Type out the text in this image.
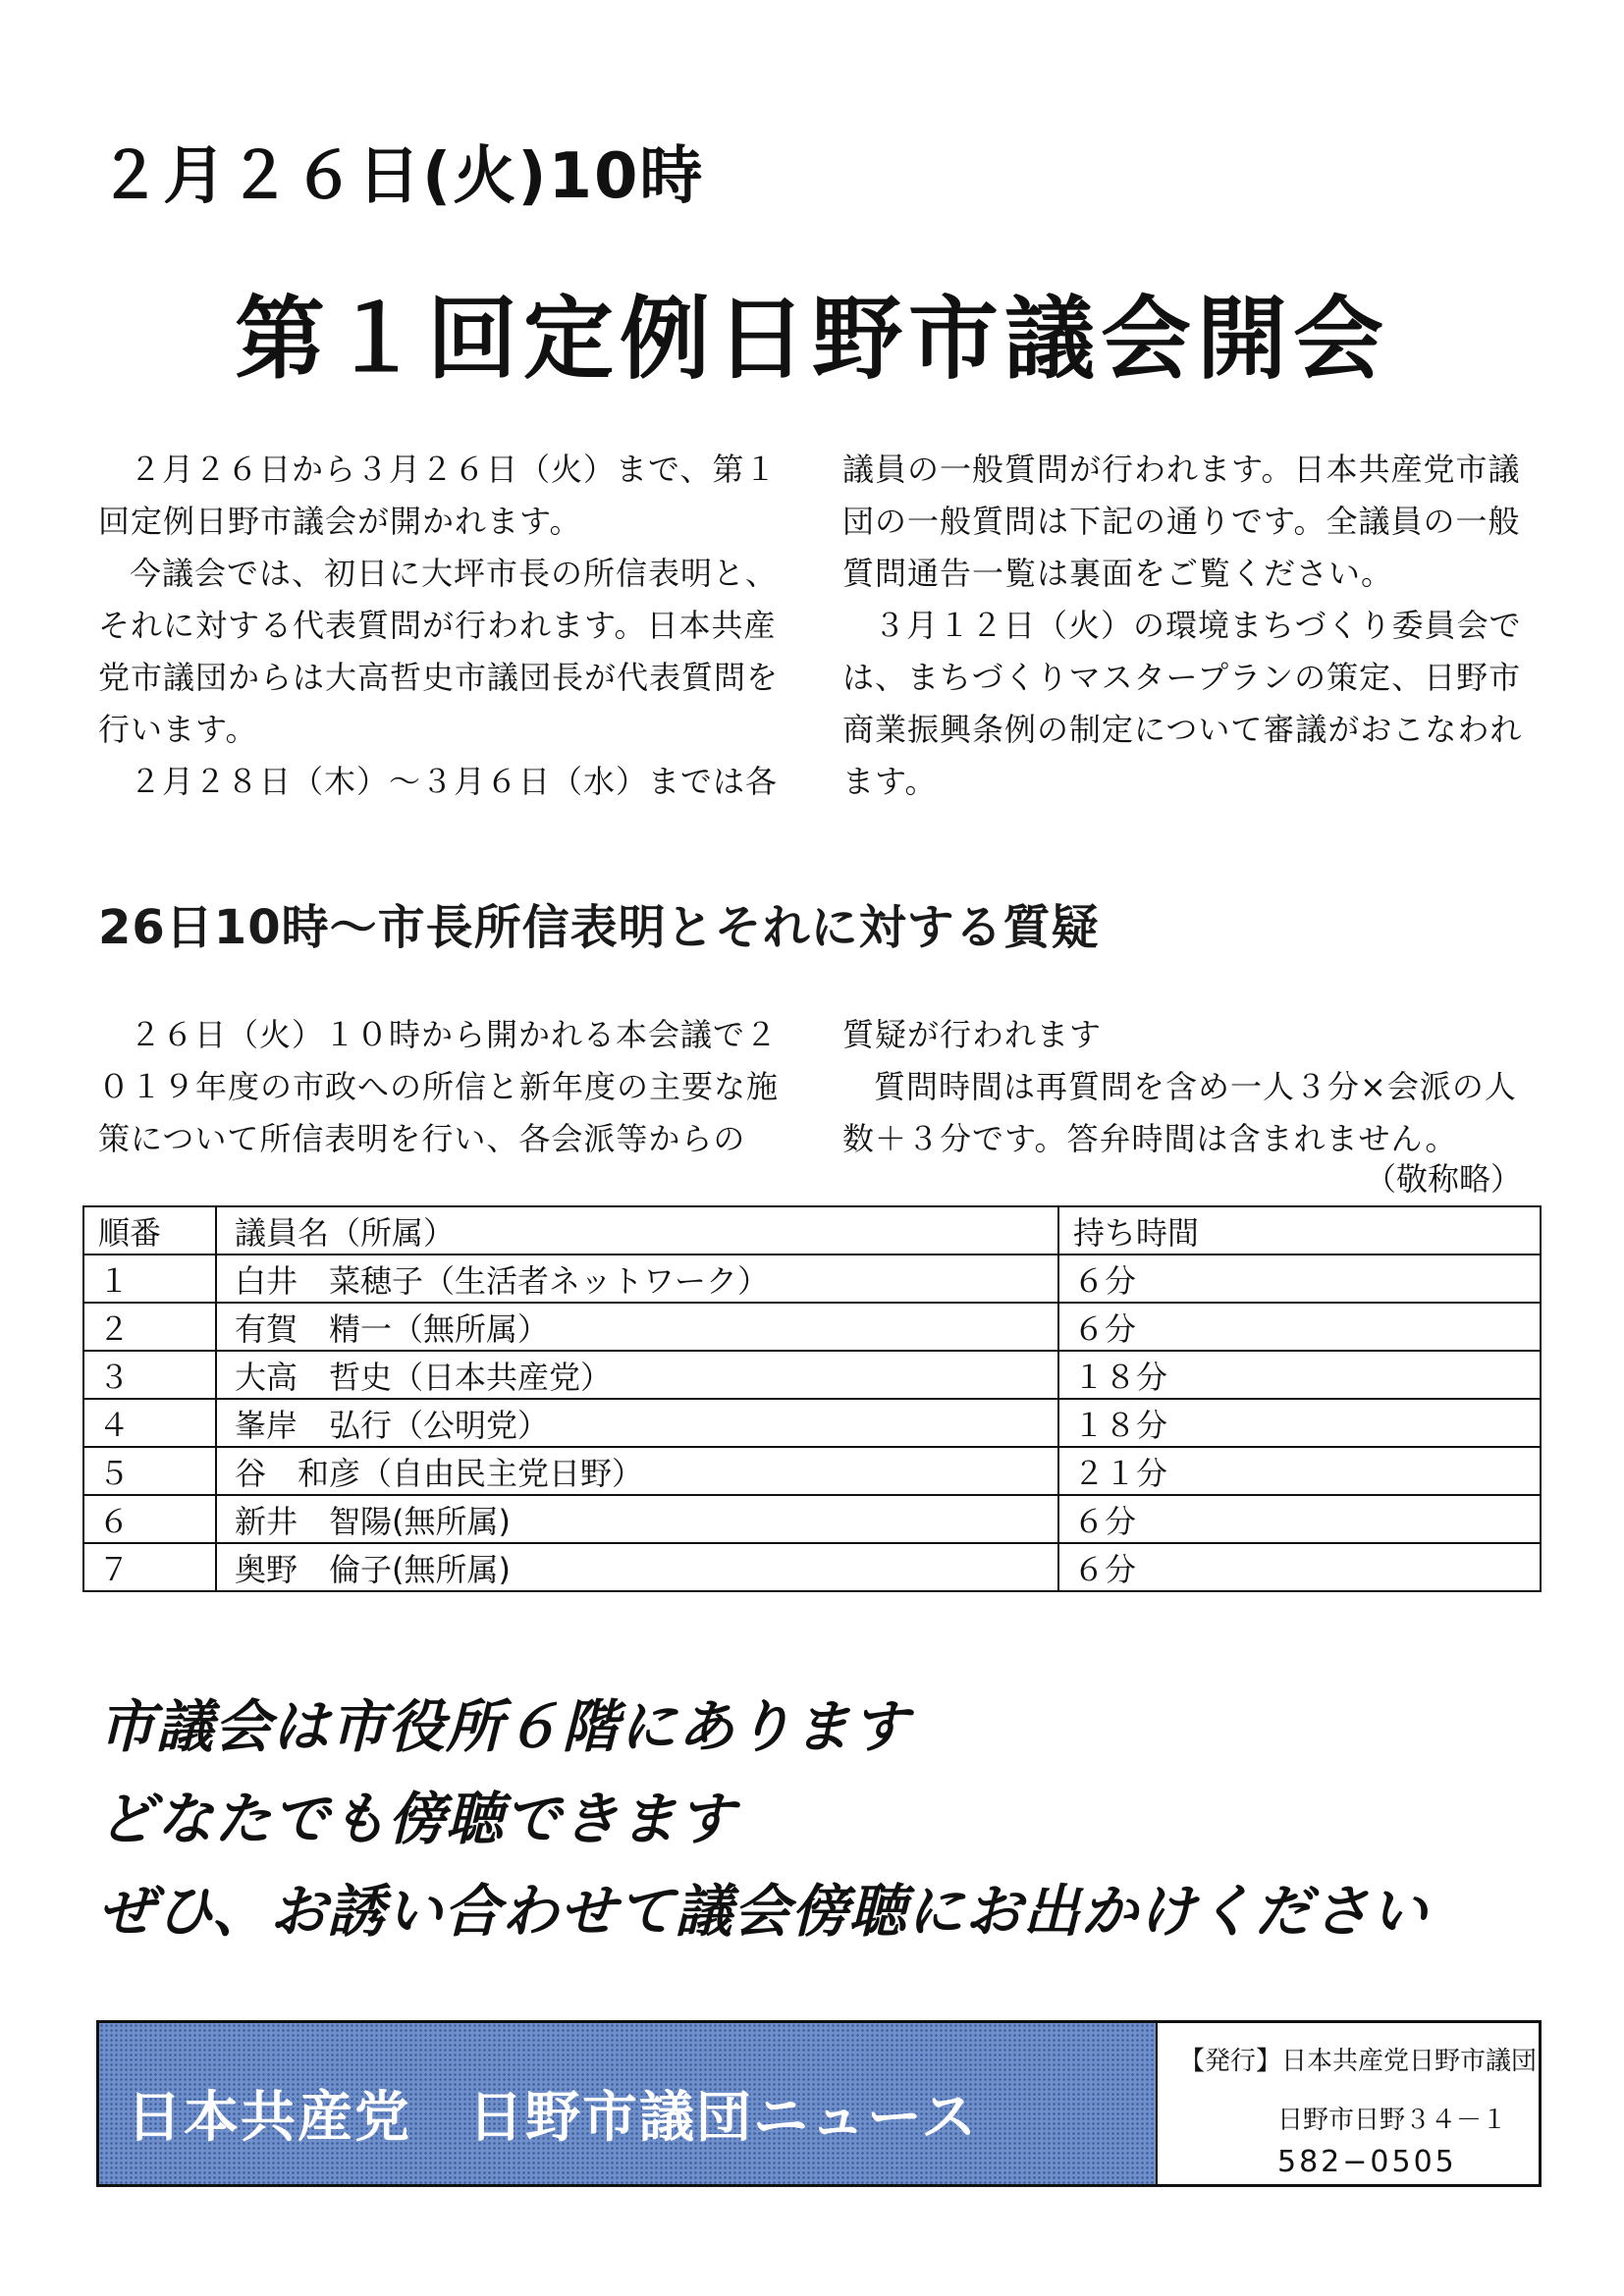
２月２６日(火)10時
第１回定例日野市議会開会

２月２６日から３月２６日（火）まで、第１回定例日野市議会が開かれます。

今議会では、初日に大坪市長の所信表明と、それに対する代表質問が行われます。日本共産党市議団からは大高哲史市議団長が代表質問を行います。

２月２８日（木）～３月６日（水）までは各

議員の一般質問が行われます。日本共産党市議団の一般質問は下記の通りです。全議員の一般質問通告一覧は裏面をご覧ください。

３月１２日（火）の環境まちづくり委員会では、まちづくりマスタープランの策定、日野市商業振興条例の制定について審議がおこなわれます。

26日10時～市長所信表明とそれに対する質疑

２６日（火）１０時から開かれる本会議で２０１９年度の市政への所信と新年度の主要な施策について所信表明を行い、各会派等からの

質疑が行われます

質問時間は再質問を含め一人３分×会派の人数＋３分です。答弁時間は含まれません。

（敬称略）
順番	議員名（所属）	持ち時間
１	白井　菜穂子（生活者ネットワーク）	６分
２	有賀　精一（無所属）	６分
３	大高　哲史（日本共産党）	１８分
４	峯岸　弘行（公明党）	１８分
５	谷　和彦（自由民主党日野）	２１分
６	新井　智陽(無所属)	６分
７	奥野　倫子(無所属)	６分
市議会は市役所６階にあります
どなたでも傍聴できます
ぜひ、お誘い合わせて議会傍聴にお出かけください
日本共産党　日野市議団ニュース
【発行】日本共産党日野市議団
日野市日野３４－１
582−0505
